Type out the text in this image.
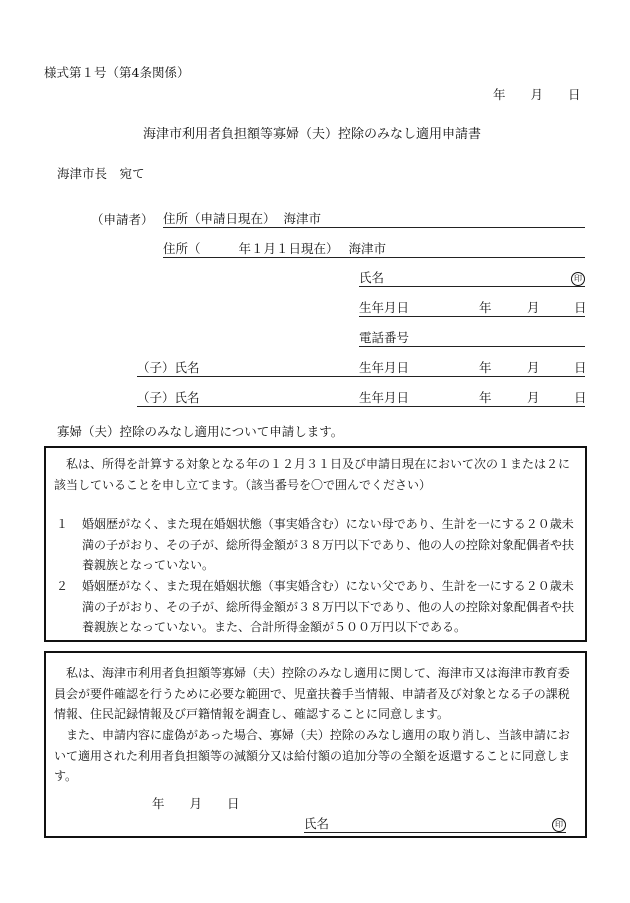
様式第１号（第4条関係）
年　　月　　日
海津市利用者負担額等寡婦（夫）控除のみなし適用申請書
海津市長　宛て
（申請者） 住所（申請日現在） 海津市
住所（	年１月１日現在） 海津市
氏名	印
生年月日	年	月	日
電話番号
（子）氏名	生年月日	年	月	日
（子）氏名	生年月日	年	月	日
寡婦（夫）控除のみなし適用について申請します。
私は、所得を計算する対象となる年の１２月３１日及び申請日現在において次の１または２に該当していることを申し立てます。（該当番号を〇で囲んでください）
１	婚姻歴がなく、また現在婚姻状態（事実婚含む）にない母であり、生計を一にする２０歳未満の子がおり、その子が、総所得金額が３８万円以下であり、他の人の控除対象配偶者や扶養親族となっていない。
２	婚姻歴がなく、また現在婚姻状態（事実婚含む）にない父であり、生計を一にする２０歳未満の子がおり、その子が、総所得金額が３８万円以下であり、他の人の控除対象配偶者や扶養親族となっていない。また、合計所得金額が５００万円以下である。
私は、海津市利用者負担額等寡婦（夫）控除のみなし適用に関して、海津市又は海津市教育委員会が要件確認を行うために必要な範囲で、児童扶養手当情報、申請者及び対象となる子の課税情報、住民記録情報及び戸籍情報を調査し、確認することに同意します。
また、申請内容に虚偽があった場合、寡婦（夫）控除のみなし適用の取り消し、当該申請において適用された利用者負担額等の減額分又は給付額の追加分等の全額を返還することに同意します。
年　　月　　日
氏名	印
